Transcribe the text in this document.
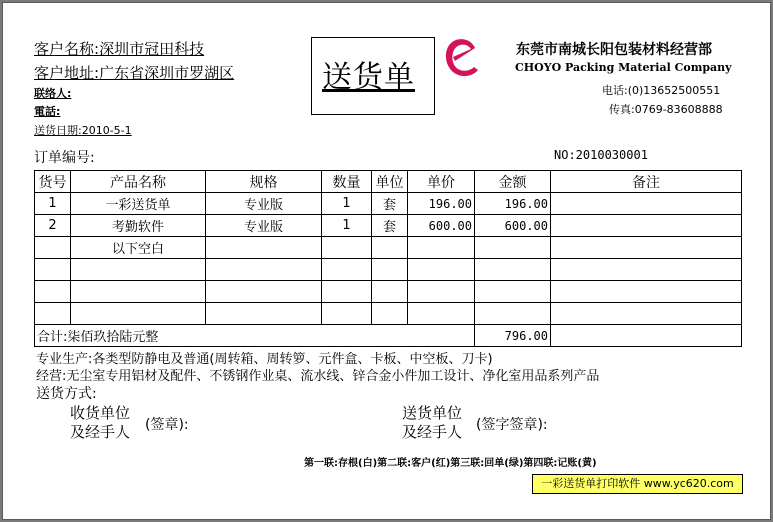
客户名称:深圳市冠田科技
客户地址:广东省深圳市罗湖区
联络人:
電話:
送货日期:2010-5-1
送货单
东莞市南城长阳包装材料经营部
CHOYO Packing Material Company
电话:(0)13652500551
传真:0769-83608888
订单编号:	NO:2010030001
货号	产品名称	规格	数量	单位	单价	金额	备注
1	一彩送货单	专业版	1	套	196.00	196.00	
2	考勤软件	专业版	1	套	600.00	600.00	
	以下空白						

合计:柒佰玖拾陆元整						796.00	
专业生产:各类型防静电及普通(周转箱、周转箩、元件盒、卡板、中空板、刀卡)
经营:无尘室专用铝材及配件、不锈钢作业桌、流水线、锌合金小件加工设计、净化室用品系列产品
送货方式:
收货单位
及经手人 (签章):
送货单位
及经手人 (签字签章):
第一联:存根(白)第二联:客户(红)第三联:回单(绿)第四联:记账(黄)
一彩送货单打印软件 www.yc620.com
